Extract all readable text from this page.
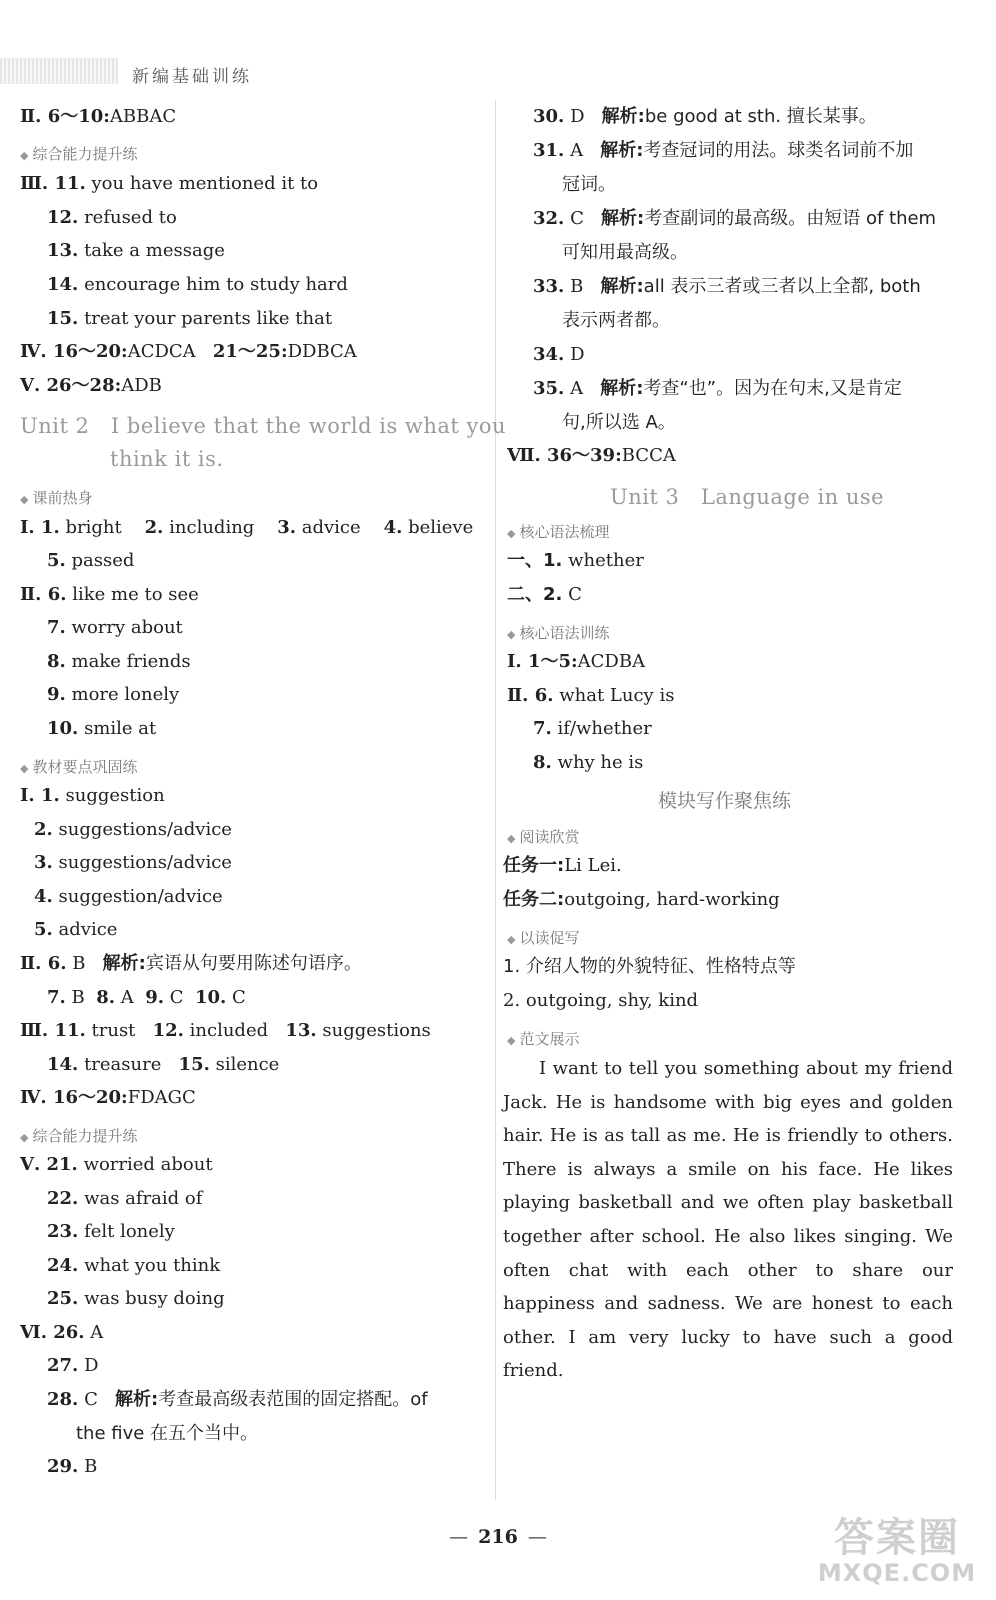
新编基础训练
Ⅱ. 6～10:ABBAC
◆ 综合能力提升练
Ⅲ. 11. you have mentioned it to
12. refused to
13. take a message
14. encourage him to study hard
15. treat your parents like that
Ⅳ. 16～20:ACDCA 21～25:DDBCA
Ⅴ. 26～28:ADB
Unit 2　I believe that the world is what you
think it is.
◆ 课前热身
Ⅰ. 1. bright 2. including 3. advice 4. believe
5. passed
Ⅱ. 6. like me to see
7. worry about
8. make friends
9. more lonely
10. smile at
◆ 教材要点巩固练
Ⅰ. 1. suggestion
2. suggestions/advice
3. suggestions/advice
4. suggestion/advice
5. advice
Ⅱ. 6. B 解析:宾语从句要用陈述句语序。
7. B 8. A 9. C 10. C
Ⅲ. 11. trust 12. included 13. suggestions
14. treasure 15. silence
Ⅳ. 16～20:FDAGC
◆ 综合能力提升练
Ⅴ. 21. worried about
22. was afraid of
23. felt lonely
24. what you think
25. was busy doing
Ⅵ. 26. A
27. D
28. C 解析:考查最高级表范围的固定搭配。of
the five 在五个当中。
29. B
30. D 解析:be good at sth. 擅长某事。
31. A 解析:考查冠词的用法。球类名词前不加
冠词。
32. C 解析:考查副词的最高级。由短语 of them
可知用最高级。
33. B 解析:all 表示三者或三者以上全都, both
表示两者都。
34. D
35. A 解析:考查“也”。因为在句末,又是肯定
句,所以选 A。
Ⅶ. 36～39:BCCA
Unit 3　Language in use
◆ 核心语法梳理
一、1. whether
二、2. C
◆ 核心语法训练
Ⅰ. 1～5:ACDBA
Ⅱ. 6. what Lucy is
7. if/whether
8. why he is
模块写作聚焦练
◆ 阅读欣赏
任务一:Li Lei.
任务二:outgoing, hard-working
◆ 以读促写
1. 介绍人物的外貌特征、性格特点等
2. outgoing, shy, kind
◆ 范文展示

I want to tell you something about my friend Jack. He is handsome with big eyes and golden hair. He is as tall as me. He is friendly to others. There is always a smile on his face. He likes playing basketball and we often play basketball together after school. He also likes singing. We often chat with each other to share our happiness and sadness. We are honest to each other. I am very lucky to have such a good friend.

— 216 —	答案圈
MXQE.COM
